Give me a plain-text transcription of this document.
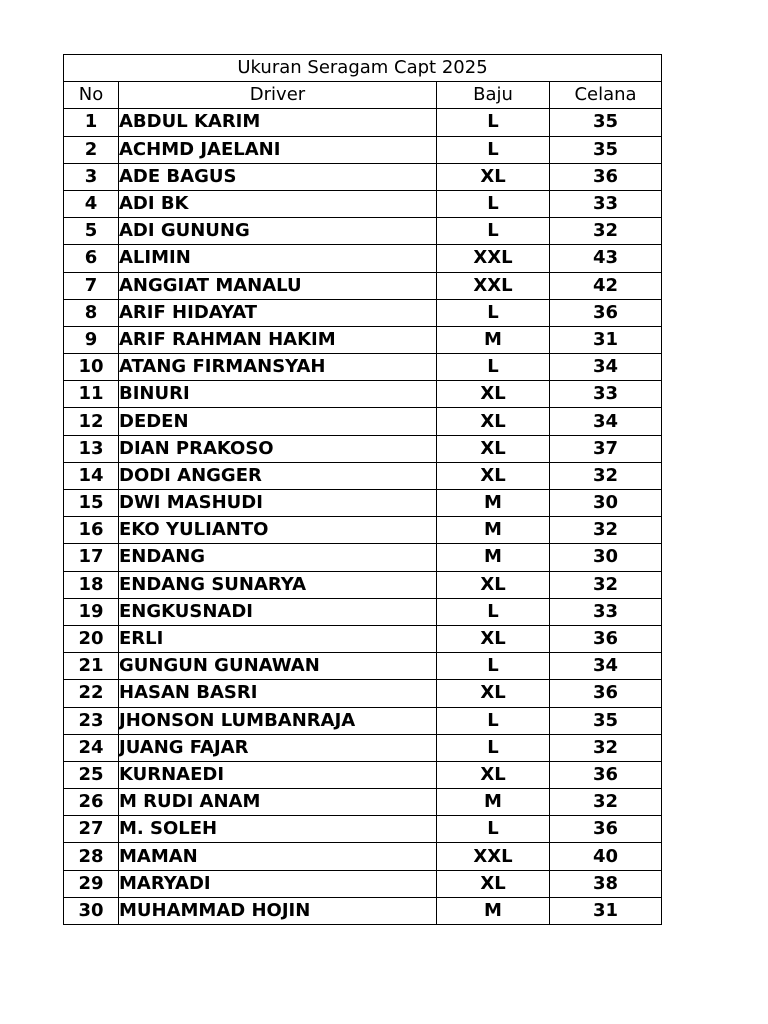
Ukuran Seragam Capt 2025			
No	Driver	Baju	Celana
1	ABDUL KARIM	L	35
2	ACHMD JAELANI	L	35
3	ADE BAGUS	XL	36
4	ADI BK	L	33
5	ADI GUNUNG	L	32
6	ALIMIN	XXL	43
7	ANGGIAT MANALU	XXL	42
8	ARIF HIDAYAT	L	36
9	ARIF RAHMAN HAKIM	M	31
10	ATANG FIRMANSYAH	L	34
11	BINURI	XL	33
12	DEDEN	XL	34
13	DIAN PRAKOSO	XL	37
14	DODI ANGGER	XL	32
15	DWI MASHUDI	M	30
16	EKO YULIANTO	M	32
17	ENDANG	M	30
18	ENDANG SUNARYA	XL	32
19	ENGKUSNADI	L	33
20	ERLI	XL	36
21	GUNGUN GUNAWAN	L	34
22	HASAN BASRI	XL	36
23	JHONSON LUMBANRAJA	L	35
24	JUANG FAJAR	L	32
25	KURNAEDI	XL	36
26	M RUDI ANAM	M	32
27	M. SOLEH	L	36
28	MAMAN	XXL	40
29	MARYADI	XL	38
30	MUHAMMAD HOJIN	M	31
